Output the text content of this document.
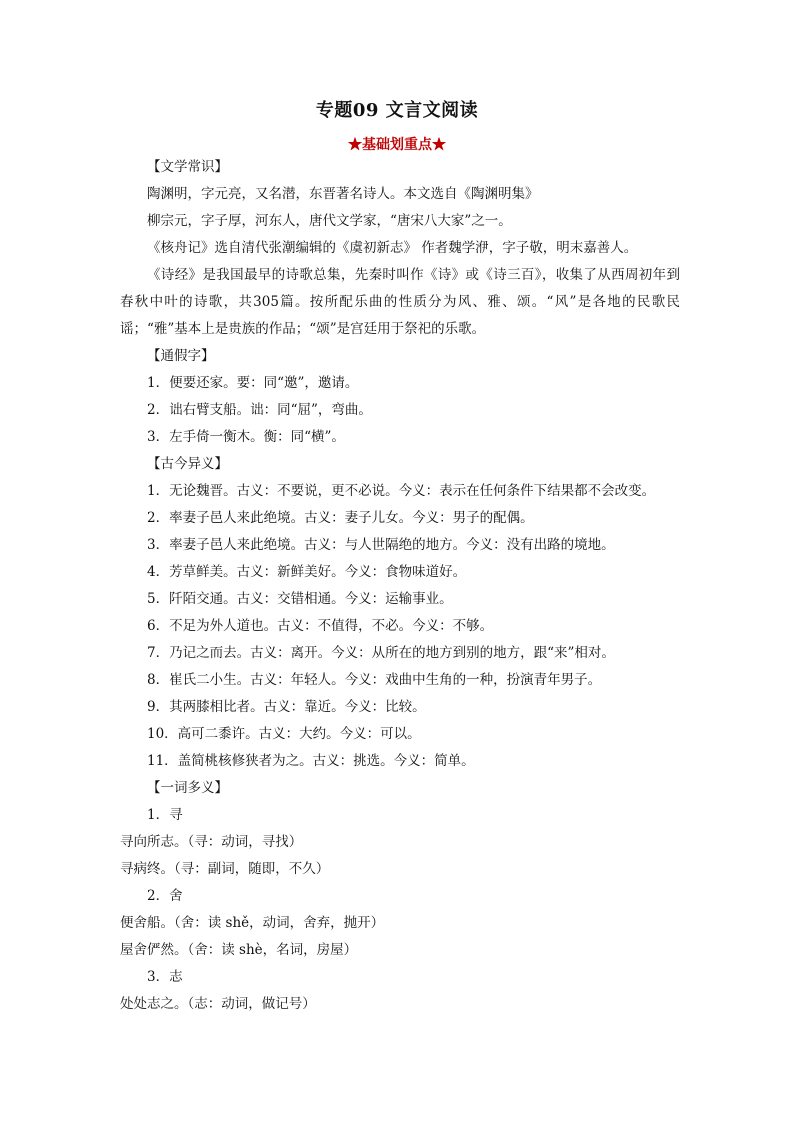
专题09 文言文阅读
★基础划重点★
【文学常识】
陶渊明，字元亮，又名潜，东晋著名诗人。本文选自《陶渊明集》
柳宗元，字子厚，河东人，唐代文学家，“唐宋八大家”之一。
《核舟记》选自清代张潮编辑的《虞初新志》 作者魏学洢，字子敬，明末嘉善人。
《诗经》是我国最早的诗歌总集，先秦时叫作《诗》或《诗三百》，收集了从西周初年到春秋中叶的诗歌，共305篇。按所配乐曲的性质分为风、雅、颂。“风”是各地的民歌民谣；“雅”基本上是贵族的作品；“颂”是宫廷用于祭祀的乐歌。
【通假字】
1．便要还家。要：同“邀”，邀请。
2．诎右臂支船。诎：同“屈”，弯曲。
3．左手倚一衡木。衡：同“横”。
【古今异义】
1．无论魏晋。古义：不要说，更不必说。今义：表示在任何条件下结果都不会改变。
2．率妻子邑人来此绝境。古义：妻子儿女。今义：男子的配偶。
3．率妻子邑人来此绝境。古义：与人世隔绝的地方。今义：没有出路的境地。
4．芳草鲜美。古义：新鲜美好。今义：食物味道好。
5．阡陌交通。古义：交错相通。今义：运输事业。
6．不足为外人道也。古义：不值得，不必。今义：不够。
7．乃记之而去。古义：离开。今义：从所在的地方到别的地方，跟“来”相对。
8．崔氏二小生。古义：年轻人。今义：戏曲中生角的一种，扮演青年男子。
9．其两膝相比者。古义：靠近。今义：比较。
10．高可二黍许。古义：大约。今义：可以。
11．盖简桃核修狭者为之。古义：挑选。今义：简单。
【一词多义】
1．寻
寻向所志。（寻：动词，寻找）
寻病终。（寻：副词，随即，不久）
2．舍
便舍船。（舍：读 shě，动词，舍弃，抛开）
屋舍俨然。（舍：读 shè，名词，房屋）
3．志
处处志之。（志：动词，做记号）
